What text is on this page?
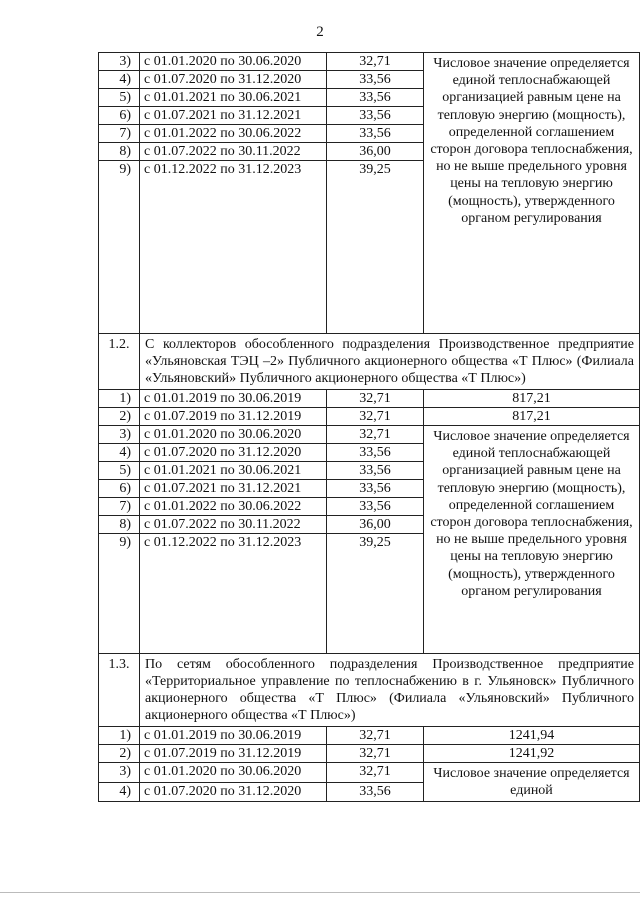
2
3)	с 01.01.2020 по 30.06.2020	32,71	Числовое значение определяется единой теплоснабжающей организацией равным цене на тепловую энергию (мощность), определенной соглашением сторон договора теплоснабжения, но не выше предельного уровня цены на тепловую энергию (мощность), утвержденного органом регулирования
4)	с 01.07.2020 по 31.12.2020	33,56	
5)	с 01.01.2021 по 30.06.2021	33,56	
6)	с 01.07.2021 по 31.12.2021	33,56	
7)	с 01.01.2022 по 30.06.2022	33,56	
8)	с 01.07.2022 по 30.11.2022	36,00	
9)	с 01.12.2022 по 31.12.2023	39,25	
1.2.	С коллекторов обособленного подразделения Производственное предприятие «Ульяновская ТЭЦ –2» Публичного акционерного общества «Т Плюс» (Филиала «Ульяновский» Публичного акционерного общества «Т Плюс»)		
1)	с 01.01.2019 по 30.06.2019	32,71	817,21
2)	с 01.07.2019 по 31.12.2019	32,71	817,21
3)	с 01.01.2020 по 30.06.2020	32,71	Числовое значение определяется единой теплоснабжающей организацией равным цене на тепловую энергию (мощность), определенной соглашением сторон договора теплоснабжения, но не выше предельного уровня цены на тепловую энергию (мощность), утвержденного органом регулирования
4)	с 01.07.2020 по 31.12.2020	33,56	
5)	с 01.01.2021 по 30.06.2021	33,56	
6)	с 01.07.2021 по 31.12.2021	33,56	
7)	с 01.01.2022 по 30.06.2022	33,56	
8)	с 01.07.2022 по 30.11.2022	36,00	
9)	с 01.12.2022 по 31.12.2023	39,25	
1.3.	По сетям обособленного подразделения Производственное предприятие «Территориальное управление по теплоснабжению в г. Ульяновск» Публичного акционерного общества «Т Плюс» (Филиала «Ульяновский» Публичного акционерного общества «Т Плюс»)		
1)	с 01.01.2019 по 30.06.2019	32,71	1241,94
2)	с 01.07.2019 по 31.12.2019	32,71	1241,92
3)	с 01.01.2020 по 30.06.2020	32,71	Числовое значение определяется единой
4)	с 01.07.2020 по 31.12.2020	33,56	
